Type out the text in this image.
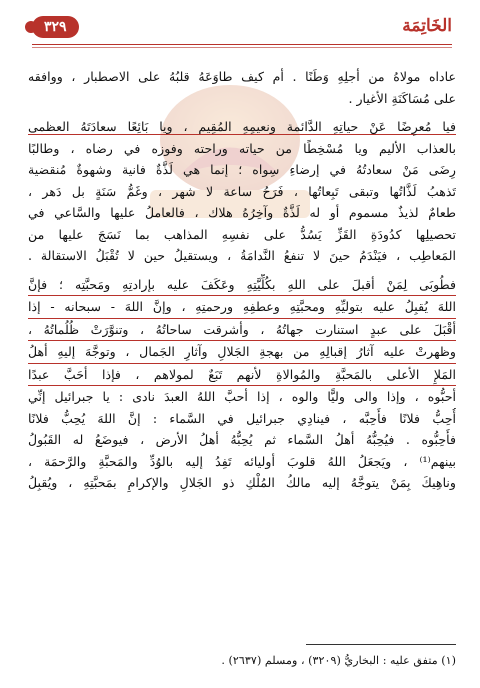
الخَاتِمَة
٣٢٩
عاداه مولاهُ من أجلِهِ وَطَنًا . أم كيف طاوَعَهُ قلبُهُ على الاصطبار ، ووافقه
على مُسَاكَنَةِ الأغيار .
فيا مُعرِضًا عَنْ حياتِهِ الدَّائمة ونعيمِهِ المُقِيم ، ويا بَائِعًا سعادَتَهُ العظمى
بالعذاب الأليم ويا مُسْخِطًا من حياته وراحته وفوزه في رضاه ، وطالبًا
رِضَى مَنْ سعادتُهُ في إرضاءِ سِواه ؛ إنما هي لَذَّةٌ فانية وشهوةٌ مُنقضية
تَذهبُ لَذَّاتُها وتبقى تَبِعاتُها ، فَرَحُ ساعة لا شهر ، وغَمُّ سَنَةٍ بل دَهر ،
طعامٌ لذيذٌ مسموم أو له لَذَّةٌ وآخِرُهُ هلاك ، فالعاملُ عليها والسَّاعي في
تحصيلِها كدُودَةِ القَزِّ يَسُدُّ على نفسِهِ المذاهب بما نَسَجَ عليها من
المَعاطِب ، فيَنْدَمُ حينَ لا تنفعُ النَّدامَةُ ، ويستقيلُ حين لا تُقْبَلُ الاستقالة .
فطُوبَى لِمَنْ أقبلَ على اللهِ بكُلِّيَّتِهِ وعَكَفَ عليه بإرادتِهِ ومَحبَّتِه ؛ فإنَّ
اللهَ يُقبِلُ عليه بتوليِّهِ ومحبَّتِهِ وعطفِهِ ورحمتِهِ ، وإنَّ اللهَ - سبحانه - إذا
أقْبَلَ على عبدٍ استنارت جهاتُهُ ، وأشرقت ساحاتُهُ ، وتنوَّرَتْ ظُلُماتُهُ ،
وظهرتْ عليه آثارُ إقبالِهِ من بهجةِ الجَلالِ وآثارِ الجَمال ، وتوجَّهَ إليهِ أهلُ
المَلإِ الأعلى بالمَحبَّةِ والمُوالاةِ لأنهم تَبَعٌ لمولاهم ، فإذا أحَبَّ عبدًا
أحبُّوه ، وإذا والى وليًّا والوه ، إذا أحبَّ اللهُ العبدَ نادى : يا جبرائيل إنِّي
أُحِبُّ فلانًا فأَحِبَّه ، فينادِي جبرائيل في السَّماء : إنَّ اللهَ يُحِبُّ فلانًا
فأَحِبُّوه . فيُحِبُّهُ أهلُ السَّماء ثم يُحِبُّهُ أهلُ الأرض ، فيوضَعُ له القَبُولُ
بينهم⁽¹⁾ ، ويَجعَلُ اللهُ قلوبَ أوليائه تَفِدُ إليه بالوُدِّ والمَحبَّةِ والرَّحمَة ،
وناهِيكَ بِمَنْ يتوجَّهُ إليه مالكُ المُلْكِ ذو الجَلالِ والإكرامِ بمَحبَّتِهِ ، ويُقبِلُ
(١) متفق عليه : البخاريُّ (٣٢٠٩) ، ومسلم (٢٦٣٧) .
